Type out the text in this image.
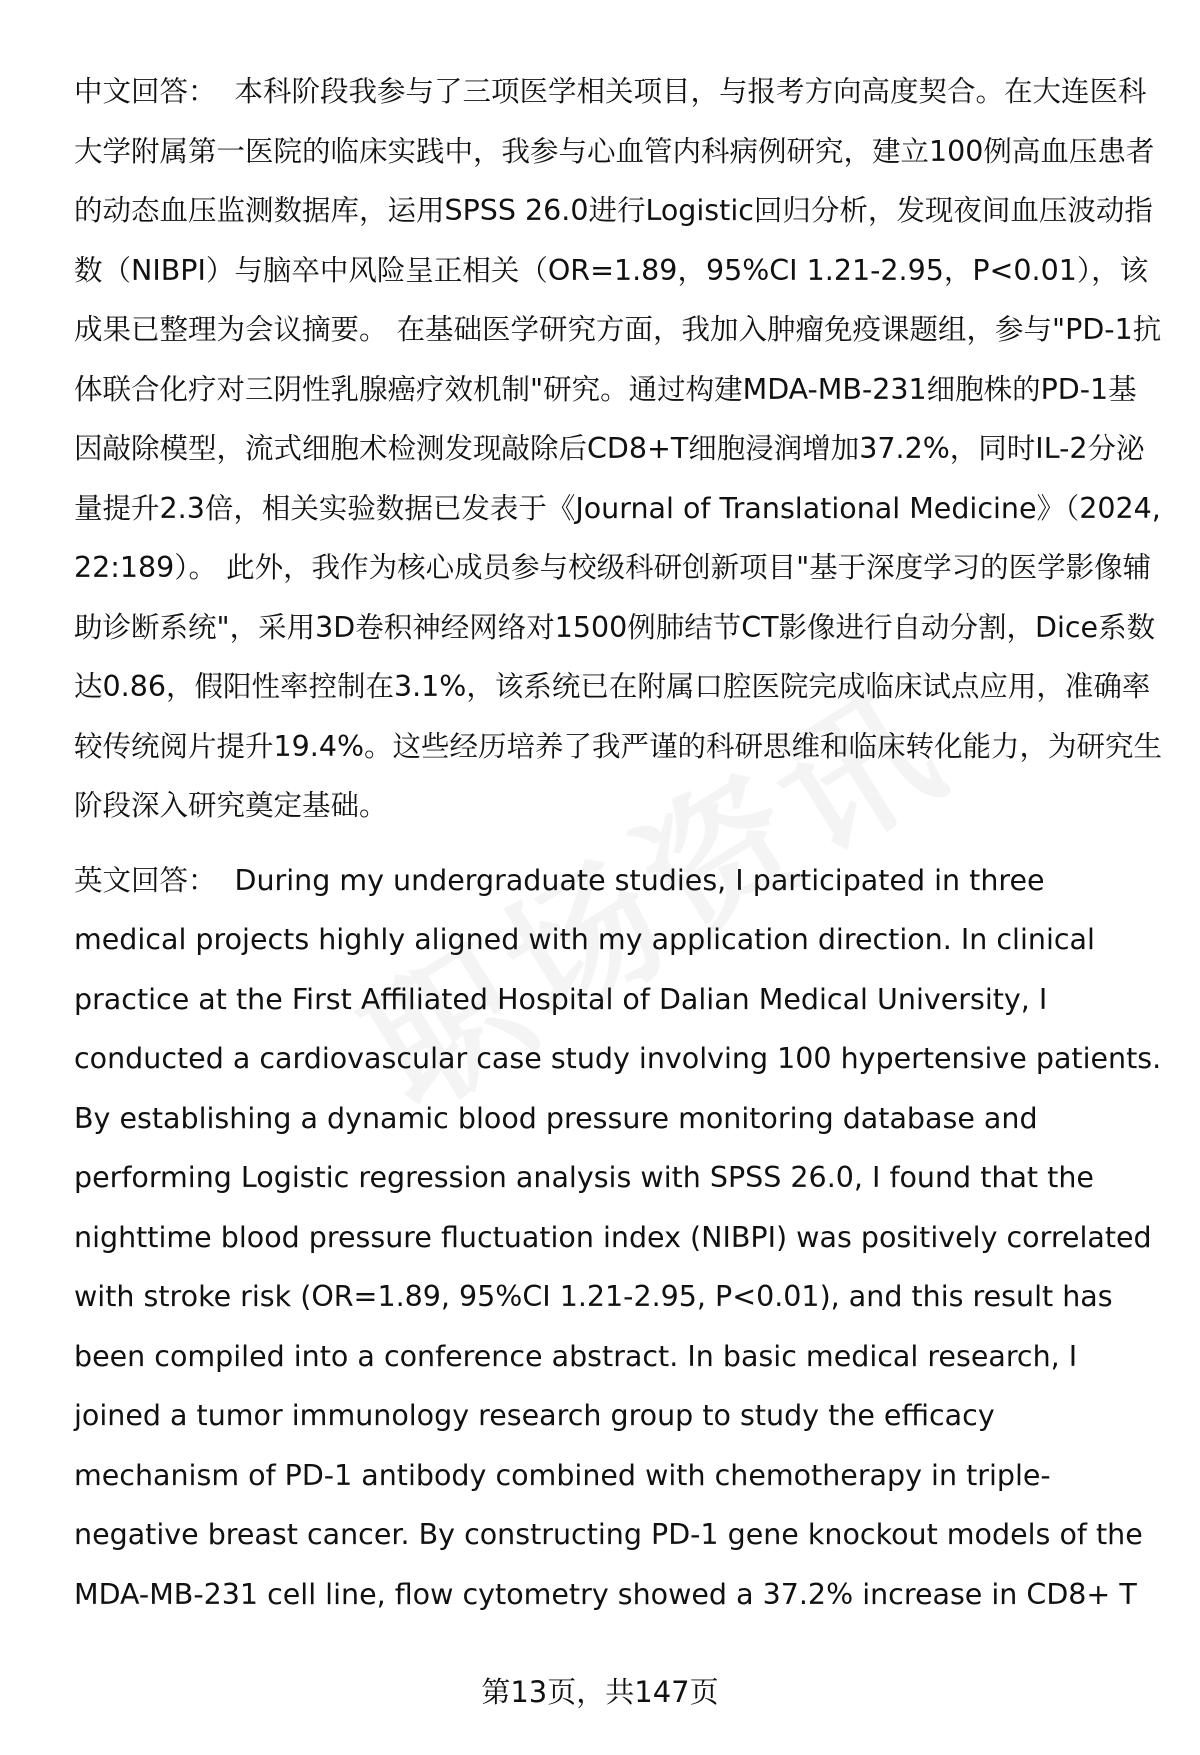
中文回答： 本科阶段我参与了三项医学相关项目，与报考方向高度契合。在大连医科大学附属第一医院的临床实践中，我参与心血管内科病例研究，建立100例高血压患者的动态血压监测数据库，运用SPSS 26.0进行Logistic回归分析，发现夜间血压波动指数（NIBPI）与脑卒中风险呈正相关（OR=1.89，95%CI 1.21-2.95，P<0.01），该成果已整理为会议摘要。 在基础医学研究方面，我加入肿瘤免疫课题组，参与"PD-1抗体联合化疗对三阴性乳腺癌疗效机制"研究。通过构建MDA-MB-231细胞株的PD-1基因敲除模型，流式细胞术检测发现敲除后CD8+T细胞浸润增加37.2%，同时IL-2分泌量提升2.3倍，相关实验数据已发表于《Journal of Translational Medicine》（2024, 22:189）。 此外，我作为核心成员参与校级科研创新项目"基于深度学习的医学影像辅助诊断系统"，采用3D卷积神经网络对1500例肺结节CT影像进行自动分割，Dice系数达0.86，假阳性率控制在3.1%，该系统已在附属口腔医院完成临床试点应用，准确率较传统阅片提升19.4%。这些经历培养了我严谨的科研思维和临床转化能力，为研究生阶段深入研究奠定基础。

英文回答： During my undergraduate studies, I participated in three medical projects highly aligned with my application direction. In clinical practice at the First Affiliated Hospital of Dalian Medical University, I conducted a cardiovascular case study involving 100 hypertensive patients. By establishing a dynamic blood pressure monitoring database and performing Logistic regression analysis with SPSS 26.0, I found that the nighttime blood pressure fluctuation index (NIBPI) was positively correlated with stroke risk (OR=1.89, 95%CI 1.21-2.95, P<0.01), and this result has been compiled into a conference abstract. In basic medical research, I joined a tumor immunology research group to study the efficacy mechanism of PD-1 antibody combined with chemotherapy in triple-negative breast cancer. By constructing PD-1 gene knockout models of the MDA-MB-231 cell line, flow cytometry showed a 37.2% increase in CD8+ T

第13页，共147页
